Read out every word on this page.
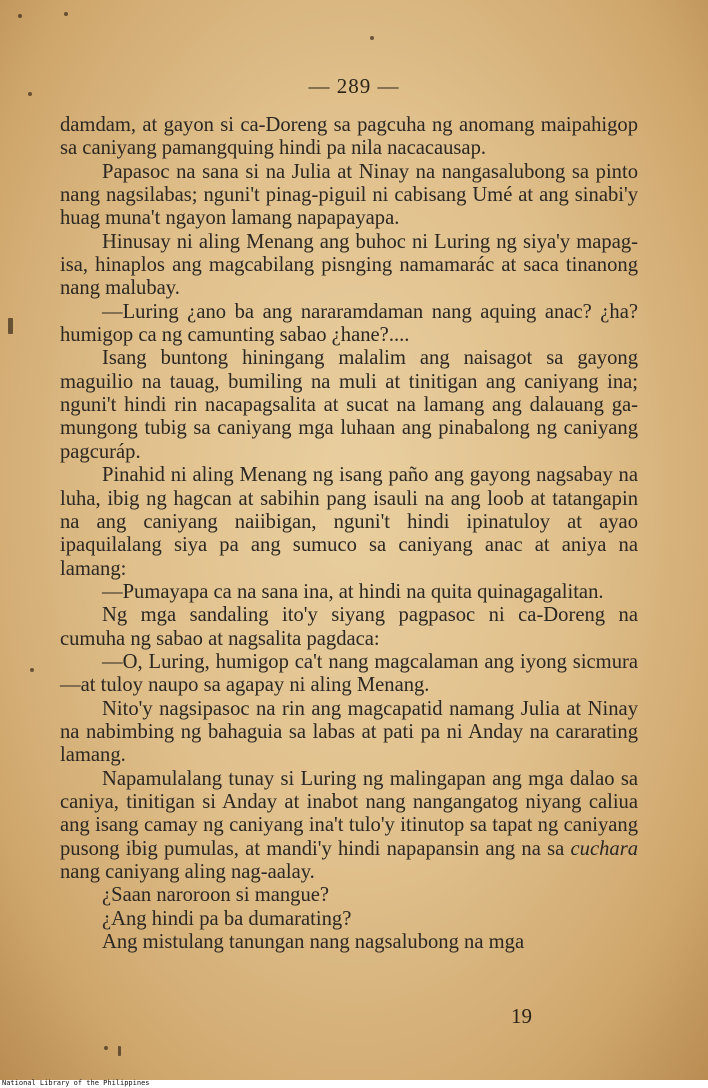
— 289 —

damdam, at gayon si ca-Doreng sa pagcuha ng anomang maipahigop sa caniyang pamangquing hindi pa nila nacacausap.

Papasoc na sana si na Julia at Ninay na nangasalubong sa pinto nang nagsilabas; nguni't pinag-piguil ni cabisang Umé at ang sinabi'y huag muna't ngayon lamang napapayapa.

Hinusay ni aling Menang ang buhoc ni Luring ng siya'y mapag-isa, hinaplos ang magcabilang pisnging namamarác at saca tinanong nang malubay.

—Luring ¿ano ba ang nararamdaman nang aquing anac? ¿ha? humigop ca ng camunting sabao ¿hane?....

Isang buntong hiningang malalim ang naisagot sa gayong maguilio na tauag, bumiling na muli at tinitigan ang caniyang ina; nguni't hindi rin nacapagsalita at sucat na lamang ang dalauang ga-mungong tubig sa caniyang mga luhaan ang pinabalong ng caniyang pagcuráp.

Pinahid ni aling Menang ng isang paño ang gayong nagsabay na luha, ibig ng hagcan at sabihin pang isauli na ang loob at tatangapin na ang caniyang naiibigan, nguni't hindi ipinatuloy at ayao ipaquilalang siya pa ang sumuco sa caniyang anac at aniya na lamang:

—Pumayapa ca na sana ina, at hindi na quita quinagagalitan.

Ng mga sandaling ito'y siyang pagpasoc ni ca-Doreng na cumuha ng sabao at nagsalita pagdaca:

—O, Luring, humigop ca't nang magcalaman ang iyong sicmura—at tuloy naupo sa agapay ni aling Menang.

Nito'y nagsipasoc na rin ang magcapatid namang Julia at Ninay na nabimbing ng bahaguia sa labas at pati pa ni Anday na cararating lamang.

Napamulalang tunay si Luring ng malingapan ang mga dalao sa caniya, tinitigan si Anday at inabot nang nangangatog niyang caliua ang isang camay ng caniyang ina't tulo'y itinutop sa tapat ng caniyang pusong ibig pumulas, at mandi'y hindi napapansin ang na sa cuchara nang caniyang aling nag-aalay.

¿Saan naroroon si mangue?

¿Ang hindi pa ba dumarating?

Ang mistulang tanungan nang nagsalubong na mga

19
National Library of the Philippines
